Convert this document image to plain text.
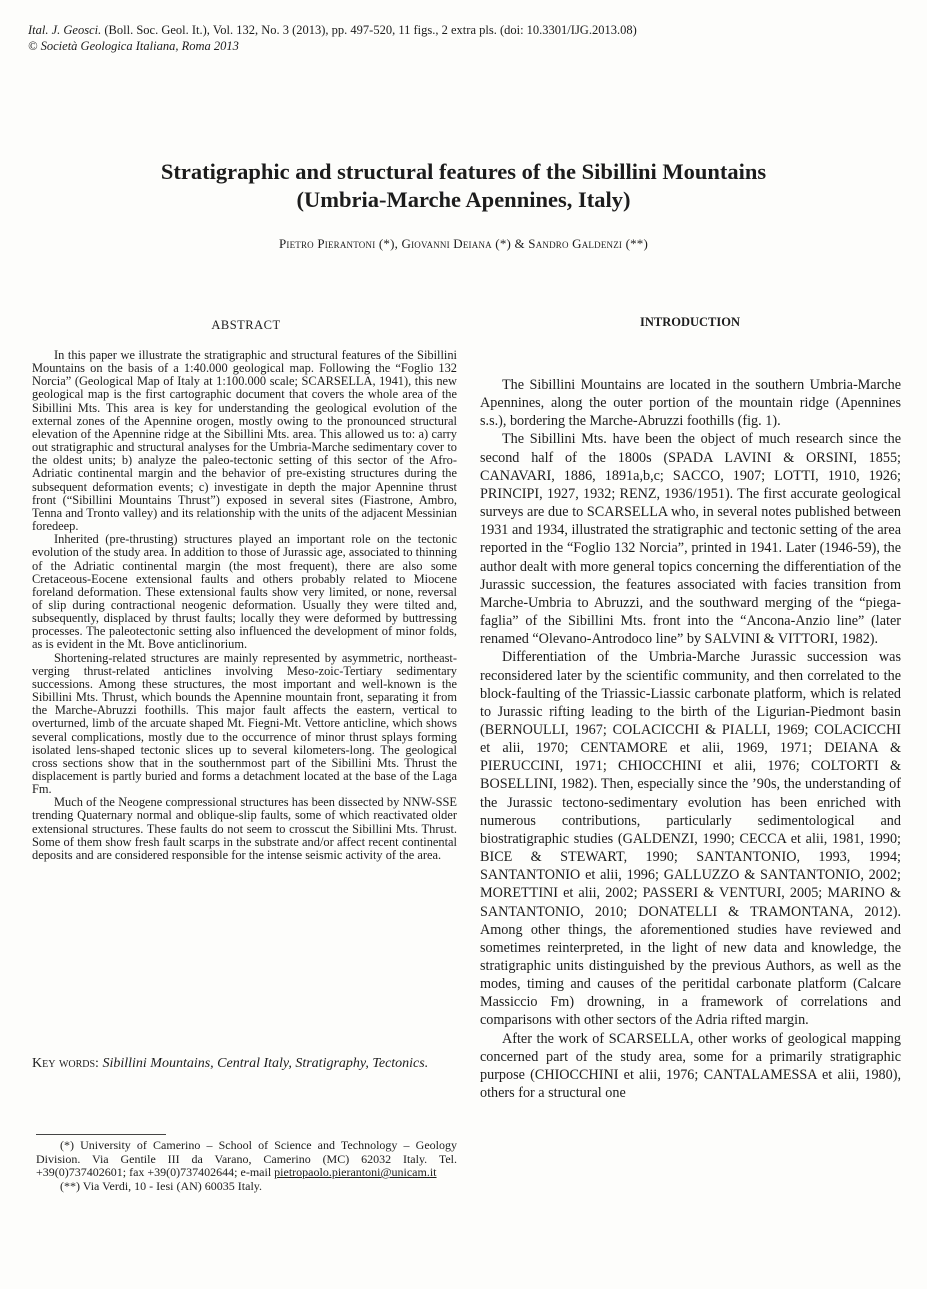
Ital. J. Geosci. (Boll. Soc. Geol. It.), Vol. 132, No. 3 (2013), pp. 497-520, 11 figs., 2 extra pls. (doi: 10.3301/IJG.2013.08)
© Società Geologica Italiana, Roma 2013
Stratigraphic and structural features of the Sibillini Mountains
(Umbria-Marche Apennines, Italy)
Pietro Pierantoni (*), Giovanni Deiana (*) & Sandro Galdenzi (**)
ABSTRACT	INTRODUCTION

In this paper we illustrate the stratigraphic and structural features of the Sibillini Mountains on the basis of a 1:40.000 geological map. Following the “Foglio 132 Norcia” (Geological Map of Italy at 1:100.000 scale; SCARSELLA, 1941), this new geological map is the first cartographic document that covers the whole area of the Sibillini Mts. This area is key for understanding the geological evolution of the external zones of the Apennine orogen, mostly owing to the pronounced structural elevation of the Apennine ridge at the Sibillini Mts. area. This allowed us to: a) carry out stratigraphic and structural analyses for the Umbria-Marche sedimentary cover to the oldest units; b) analyze the paleo-tectonic setting of this sector of the Afro-Adriatic continental margin and the behavior of pre-existing structures during the subsequent deformation events; c) investigate in depth the major Apennine thrust front (“Sibillini Mountains Thrust”) exposed in several sites (Fiastrone, Ambro, Tenna and Tronto valley) and its relationship with the units of the adjacent Messinian foredeep.

Inherited (pre-thrusting) structures played an important role on the tectonic evolution of the study area. In addition to those of Jurassic age, associated to thinning of the Adriatic continental margin (the most frequent), there are also some Cretaceous-Eocene extensional faults and others probably related to Miocene foreland deformation. These extensional faults show very limited, or none, reversal of slip during contractional neogenic deformation. Usually they were tilted and, subsequently, displaced by thrust faults; locally they were deformed by buttressing processes. The paleotectonic setting also influenced the development of minor folds, as is evident in the Mt. Bove anticlinorium.

Shortening-related structures are mainly represented by asymmetric, northeast-verging thrust-related anticlines involving Meso-zoic-Tertiary sedimentary successions. Among these structures, the most important and well-known is the Sibillini Mts. Thrust, which bounds the Apennine mountain front, separating it from the Marche-Abruzzi foothills. This major fault affects the eastern, vertical to overturned, limb of the arcuate shaped Mt. Fiegni-Mt. Vettore anticline, which shows several complications, mostly due to the occurrence of minor thrust splays forming isolated lens-shaped tectonic slices up to several kilometers-long. The geological cross sections show that in the southernmost part of the Sibillini Mts. Thrust the displacement is partly buried and forms a detachment located at the base of the Laga Fm.

Much of the Neogene compressional structures has been dissected by NNW-SSE trending Quaternary normal and oblique-slip faults, some of which reactivated older extensional structures. These faults do not seem to crosscut the Sibillini Mts. Thrust. Some of them show fresh fault scarps in the substrate and/or affect recent continental deposits and are considered responsible for the intense seismic activity of the area.

Key words: Sibillini Mountains, Central Italy, Stratigraphy, Tectonics.

(*) University of Camerino – School of Science and Technology – Geology Division. Via Gentile III da Varano, Camerino (MC) 62032 Italy. Tel. +39(0)737402601; fax +39(0)737402644; e-mail pietropaolo.pierantoni@unicam.it

(**) Via Verdi, 10 - Iesi (AN) 60035 Italy.

The Sibillini Mountains are located in the southern Umbria-Marche Apennines, along the outer portion of the mountain ridge (Apennines s.s.), bordering the Marche-Abruzzi foothills (fig. 1).

The Sibillini Mts. have been the object of much research since the second half of the 1800s (SPADA LAVINI & ORSINI, 1855; CANAVARI, 1886, 1891a,b,c; SACCO, 1907; LOTTI, 1910, 1926; PRINCIPI, 1927, 1932; RENZ, 1936/1951). The first accurate geological surveys are due to SCARSELLA who, in several notes published between 1931 and 1934, illustrated the stratigraphic and tectonic setting of the area reported in the “Foglio 132 Norcia”, printed in 1941. Later (1946-59), the author dealt with more general topics concerning the differentiation of the Jurassic succession, the features associated with facies transition from Marche-Umbria to Abruzzi, and the southward merging of the “piega-faglia” of the Sibillini Mts. front into the “Ancona-Anzio line” (later renamed “Olevano-Antrodoco line” by SALVINI & VITTORI, 1982).

Differentiation of the Umbria-Marche Jurassic succession was reconsidered later by the scientific community, and then correlated to the block-faulting of the Triassic-Liassic carbonate platform, which is related to Jurassic rifting leading to the birth of the Ligurian-Piedmont basin (BERNOULLI, 1967; COLACICCHI & PIALLI, 1969; COLACICCHI et alii, 1970; CENTAMORE et alii, 1969, 1971; DEIANA & PIERUCCINI, 1971; CHIOCCHINI et alii, 1976; COLTORTI & BOSELLINI, 1982). Then, especially since the ’90s, the understanding of the Jurassic tectono-sedimentary evolution has been enriched with numerous contributions, particularly sedimentological and biostratigraphic studies (GALDENZI, 1990; CECCA et alii, 1981, 1990; BICE & STEWART, 1990; SANTANTONIO, 1993, 1994; SANTANTONIO et alii, 1996; GALLUZZO & SANTANTONIO, 2002; MORETTINI et alii, 2002; PASSERI & VENTURI, 2005; MARINO & SANTANTONIO, 2010; DONATELLI & TRAMONTANA, 2012). Among other things, the aforementioned studies have reviewed and sometimes reinterpreted, in the light of new data and knowledge, the stratigraphic units distinguished by the previous Authors, as well as the modes, timing and causes of the peritidal carbonate platform (Calcare Massiccio Fm) drowning, in a framework of correlations and comparisons with other sectors of the Adria rifted margin.

After the work of SCARSELLA, other works of geological mapping concerned part of the study area, some for a primarily stratigraphic purpose (CHIOCCHINI et alii, 1976; CANTALAMESSA et alii, 1980), others for a structural one
